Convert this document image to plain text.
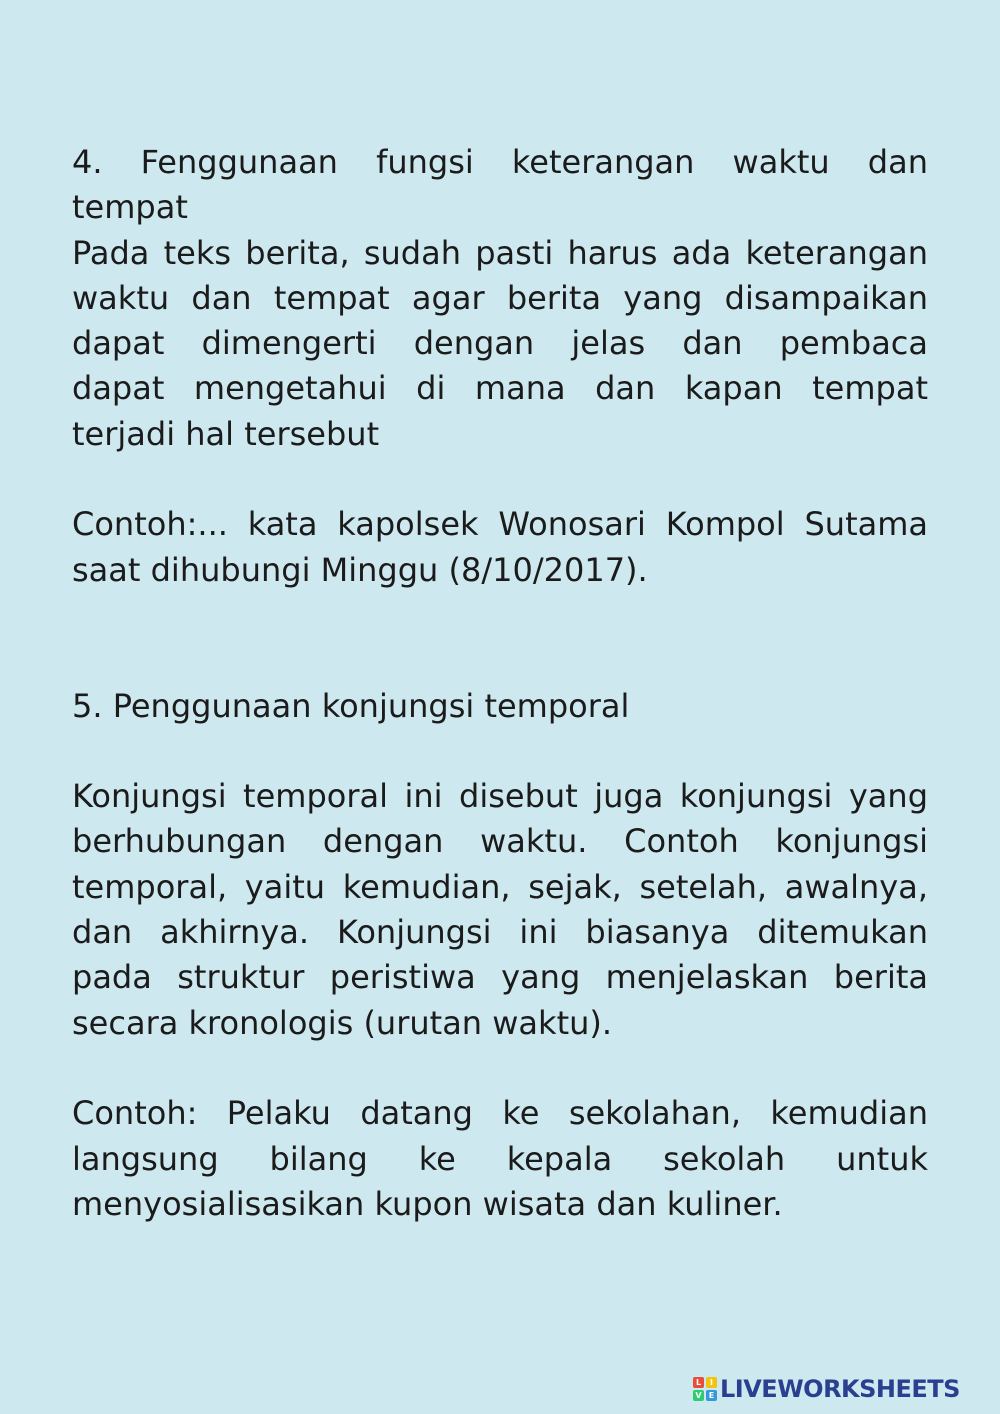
4. Fenggunaan fungsi keterangan waktu dan
tempat
Pada teks berita, sudah pasti harus ada keterangan
waktu dan tempat agar berita yang disampaikan
dapat dimengerti dengan jelas dan pembaca
dapat mengetahui di mana dan kapan tempat
terjadi hal tersebut
Contoh:... kata kapolsek Wonosari Kompol Sutama
saat dihubungi Minggu (8/10/2017).
5. Penggunaan konjungsi temporal
Konjungsi temporal ini disebut juga konjungsi yang
berhubungan dengan waktu. Contoh konjungsi
temporal, yaitu kemudian, sejak, setelah, awalnya,
dan akhirnya. Konjungsi ini biasanya ditemukan
pada struktur peristiwa yang menjelaskan berita
secara kronologis (urutan waktu).
Contoh: Pelaku datang ke sekolahan, kemudian
langsung bilang ke kepala sekolah untuk
menyosialisasikan kupon wisata dan kuliner.
L	I
V E LIVEWORKSHEETS
